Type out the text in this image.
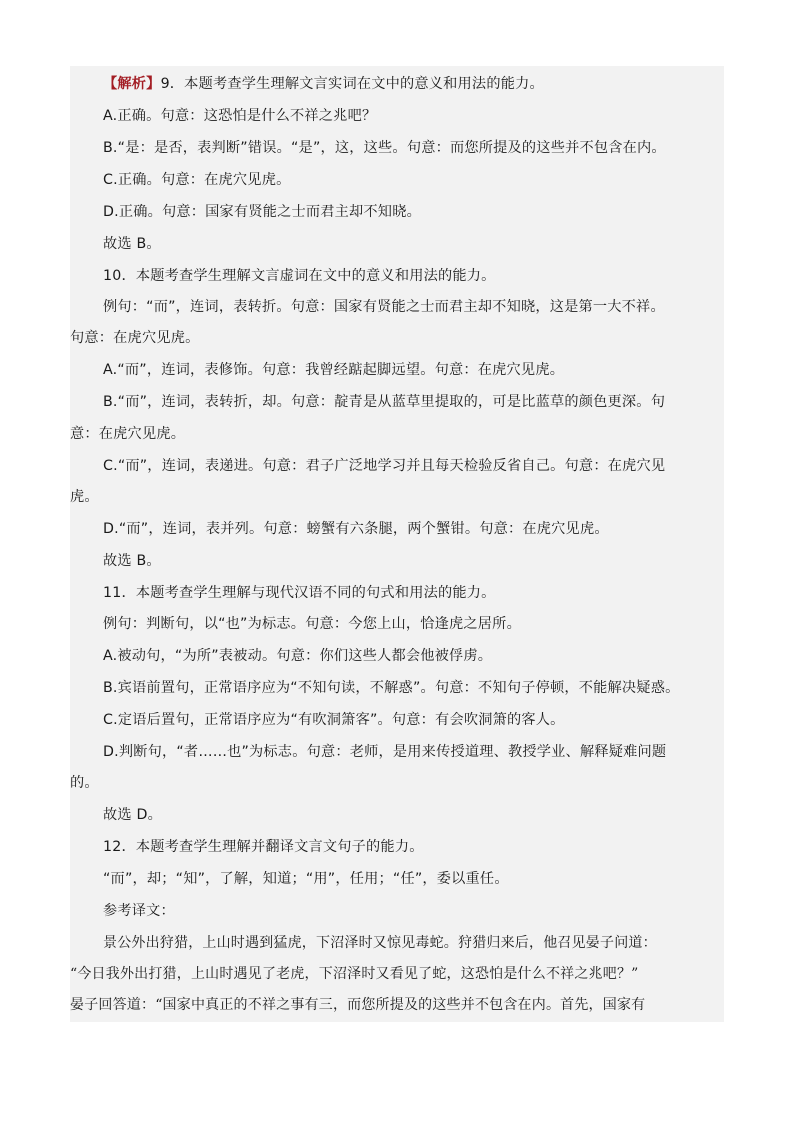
【解析】9．本题考查学生理解文言实词在文中的意义和用法的能力。
A.正确。句意：这恐怕是什么不祥之兆吧？
B.“是：是否，表判断”错误。“是”，这，这些。句意：而您所提及的这些并不包含在内。
C.正确。句意：在虎穴见虎。
D.正确。句意：国家有贤能之士而君主却不知晓。
故选 B。
10．本题考查学生理解文言虚词在文中的意义和用法的能力。
例句：“而”，连词，表转折。句意：国家有贤能之士而君主却不知晓，这是第一大不祥。
句意：在虎穴见虎。
A.“而”，连词，表修饰。句意：我曾经踮起脚远望。句意：在虎穴见虎。
B.“而”，连词，表转折，却。句意：靛青是从蓝草里提取的，可是比蓝草的颜色更深。句
意：在虎穴见虎。
C.“而”，连词，表递进。句意：君子广泛地学习并且每天检验反省自己。句意：在虎穴见
虎。
D.“而”，连词，表并列。句意：螃蟹有六条腿，两个蟹钳。句意：在虎穴见虎。
故选 B。
11．本题考查学生理解与现代汉语不同的句式和用法的能力。
例句：判断句，以“也”为标志。句意：今您上山，恰逢虎之居所。
A.被动句，“为所”表被动。句意：你们这些人都会他被俘虏。
B.宾语前置句，正常语序应为“不知句读，不解惑”。句意：不知句子停顿，不能解决疑惑。
C.定语后置句，正常语序应为“有吹洞箫客”。句意：有会吹洞箫的客人。
D.判断句，“者……也”为标志。句意：老师，是用来传授道理、教授学业、解释疑难问题
的。
故选 D。
12．本题考查学生理解并翻译文言文句子的能力。
“而”，却；“知”，了解，知道；“用”，任用；“任”，委以重任。
参考译文：
景公外出狩猎，上山时遇到猛虎，下沼泽时又惊见毒蛇。狩猎归来后，他召见晏子问道：
“今日我外出打猎，上山时遇见了老虎，下沼泽时又看见了蛇，这恐怕是什么不祥之兆吧？”
晏子回答道：“国家中真正的不祥之事有三，而您所提及的这些并不包含在内。首先，国家有
